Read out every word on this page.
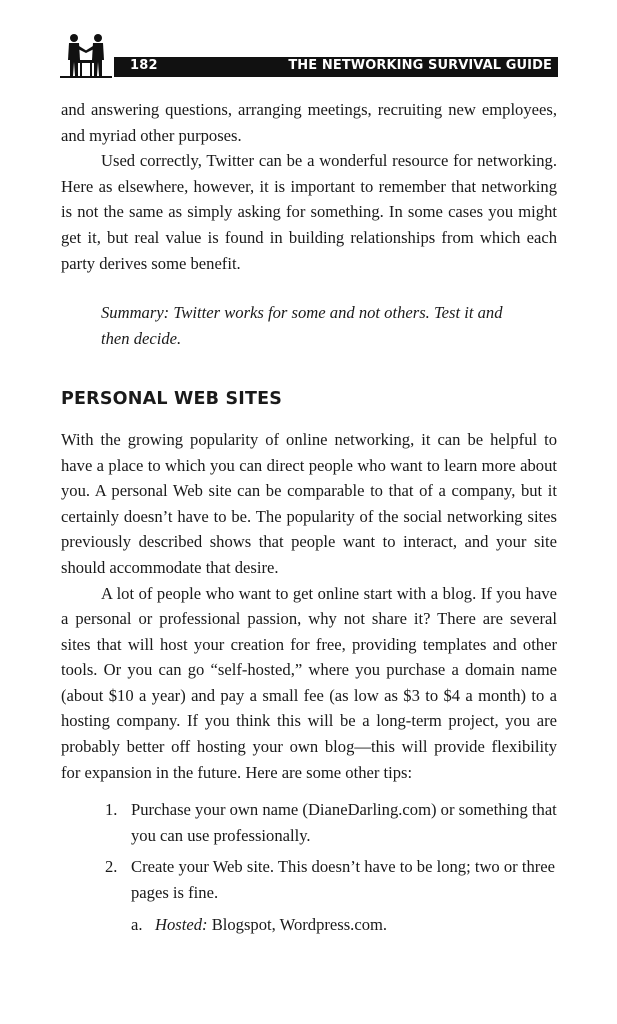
182	THE NETWORKING SURVIVAL GUIDE

and answering questions, arranging meetings, recruiting new employees, and myriad other purposes.

Used correctly, Twitter can be a wonderful resource for networking. Here as elsewhere, however, it is important to remember that networking is not the same as simply asking for something. In some cases you might get it, but real value is found in building relationships from which each party derives some benefit.

Summary: Twitter works for some and not others. Test it and then decide.

PERSONAL WEB SITES

With the growing popularity of online networking, it can be helpful to have a place to which you can direct people who want to learn more about you. A personal Web site can be comparable to that of a company, but it certainly doesn’t have to be. The popularity of the social networking sites previously described shows that people want to interact, and your site should accommodate that desire.

A lot of people who want to get online start with a blog. If you have a personal or professional passion, why not share it? There are several sites that will host your creation for free, providing templates and other tools. Or you can go “self-hosted,” where you purchase a domain name (about $10 a year) and pay a small fee (as low as $3 to $4 a month) to a hosting company. If you think this will be a long-term project, you are probably better off hosting your own blog—this will provide flexibility for expansion in the future. Here are some other tips:

1. Purchase your own name (DianeDarling.com) or something that you can use professionally.
2. Create your Web site. This doesn’t have to be long; two or three pages is fine.
a. Hosted: Blogspot, Wordpress.com.
